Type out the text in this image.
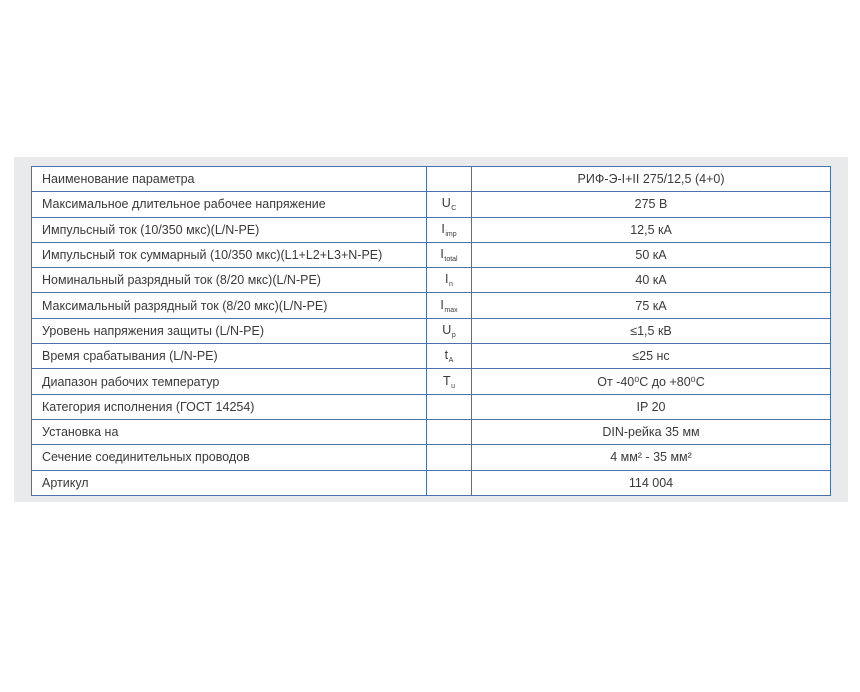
Наименование параметра		РИФ-Э-I+II 275/12,5 (4+0)
Максимальное длительное рабочее напряжение	$U_C$	275 В
Импульсный ток (10/350 мкс)(L/N-PE)	$I_{imp}$	12,5 кА
Импульсный ток суммарный (10/350 мкс)(L1+L2+L3+N-PE)	$I_{total}$	50 кА
Номинальный разрядный ток (8/20 мкс)(L/N-PE)	$I_n$	40 кА
Максимальный разрядный ток (8/20 мкс)(L/N-PE)	$I_{max}$	75 кА
Уровень напряжения защиты (L/N-PE)	$U_p$	≤1,5 кВ
Время срабатывания (L/N-PE)	$t_A$	≤25 нс
Диапазон рабочих температур	$T_u$	От -40⁰С до +80⁰С
Категория исполнения (ГОСТ 14254)		IP 20
Установка на		DIN-рейка 35 мм
Сечение соединительных проводов		4 мм² - 35 мм²
Артикул		114 004
